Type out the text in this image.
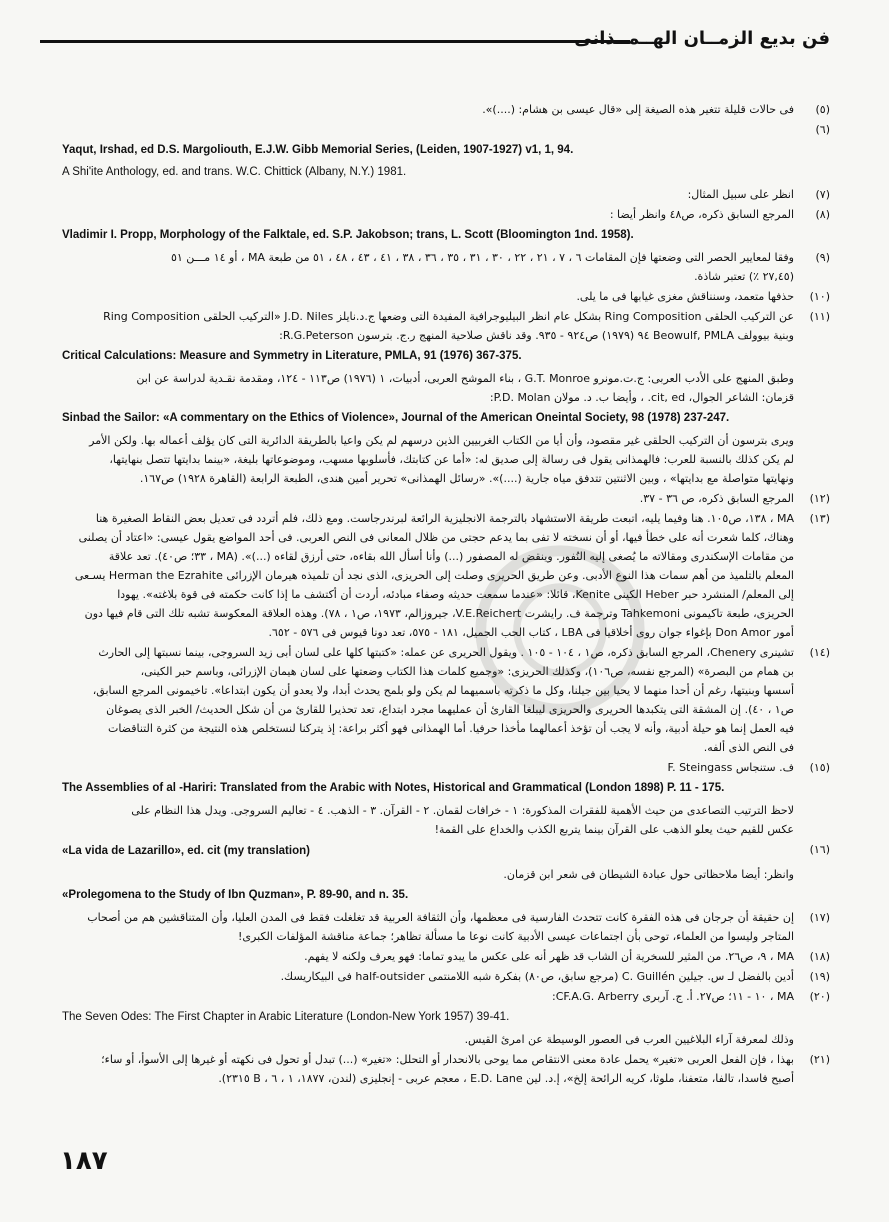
فن بديع الزمــان الهــمــذانى
(٥)
فى حالات قليلة تتغير هذه الصيغة إلى «قال عيسى بن هشام: (....)».
(٦)
Yaqut, Irshad, ed D.S. Margoliouth, E.J.W. Gibb Memorial Series, (Leiden, 1907-1927) v1, 1, 94.
A Shi'ite Anthology, ed. and trans. W.C. Chittick (Albany, N.Y.) 1981.
(٧)
انظر على سبيل المثال:
(٨)
المرجع السابق ذكره، ص٤٨ وانظر أيضا :
Vladimir I. Propp, Morphology of the Falktale, ed. S.P. Jakobson; trans, L. Scott (Bloomington 1nd. 1958).
(٩)
وفقا لمعايير الحصر التى وضعتها فإن المقامات ٦ ، ٧ ، ٢١ ، ٢٢ ، ٣٠ ، ٣١ ، ٣٥ ، ٣٦ ، ٣٨ ، ٤١ ، ٤٣ ، ٤٨ ، ٥١ من طبعة MA ، أو ١٤ مـــن ٥١
(٢٧,٤٥ ٪) تعتبر شاذة.
(١٠)
حذفها متعمد، وسنناقش مغزى غيابها فى ما يلى.
(١١)
عن التركيب الحلقى Ring Composition بشكل عام انظر البيليوجرافية المفيدة التى وضعها ج.د.نايلز J.D. Niles «التركيب الحلقى Ring Composition
وبنية بيوولف Beowulf, PMLA ٩٤ (١٩٧٩) ص٩٢٤ - ٩٣٥. وقد ناقش صلاحية المنهج ر.ج. بترسون R.G.Peterson:
Critical Calculations: Measure and Symmetry in Literature, PMLA, 91 (1976) 367-375.
وطبق المنهج على الأدب العربى: ج.ت.مونرو G.T. Monroe ، بناء الموشح العربى، أدبيات، ١ (١٩٧٦) ص١١٣ - ١٢٤، ومقدمة نقـدية لدراسة عن ابن
قزمان: الشاعر الجوال، cit, ed. ، وأيضا ب. د. مولان P.D. Molan:
Sinbad the Sailor: «A commentary on the Ethics of Violence», Journal of the American Oneintal Society, 98 (1978) 237-247.
ويرى بترسون أن التركيب الحلقى غير مقصود، وأن أيا من الكتاب الغربيين الذين درسهم لم يكن واعيا بالطريقة الدائرية التى كان يؤلف أعماله بها. ولكن الأمر
لم يكن كذلك بالنسبة للعرب: فالهمذانى يقول فى رسالة إلى صديق له: «أما عن كتابتك، فأسلوبها مسهب، وموضوعاتها بليغة، «بينما بدايتها تتصل بنهايتها،
ونهايتها متواصلة مع بدايتها» ، وبين الاثنتين تتدفق مياه جارية (....)». «رسائل الهمذانى» تحرير أمين هندى، الطبعة الرابعة (القاهرة ١٩٢٨) ص١٦٧.
(١٢)
المرجع السابق ذكره، ص ٣٦ - ٣٧.
(١٣)
MA ، ١٣٨، ص١٠٥. هنا وفيما يليه، اتبعت طريقة الاستشهاد بالترجمة الانجليزية الرائعة لبرندرجاست. ومع ذلك، فلم أتردد فى تعديل بعض النقاط الصغيرة هنا
وهناك، كلما شعرت أنه على خطأ فيها، أو أن نسخته لا تفى بما يدعم حجتى من ظلال المعانى فى النص العربى. فى أحد المواضع يقول عيسى: «اعتاد أن يصلنى
من مقامات الإسكندرى ومقالاته ما يُصغى إليه النُفور. وينقض له المصفور (...) وأنا أسأل الله بقاءه، حتى أرزق لقاءه (...)». (MA ، ٣٣؛ ص٤٠). تعد علاقة
المعلم بالتلميذ من أهم سمات هذا النوع الأدبى. وعن طريق الحريرى وصلت إلى الحريزى، الذى نجد أن تلميذه هيرمان الإزرائى Herman the Ezrahite يسـعى
إلى المعلم/ المنشرد حبر Heber الكينى Kenite، قائلا: «عندما سمعت حديثه وصفاء مبادئه، أردت أن أكتشف ما إذا كانت حكمته فى قوة بلاغته». يهودا
الحريزى، طبعة تاكيمونى Tahkemoni وترجمة ف. رايشرت V.E.Reichert، جيروزالم، ١٩٧٣، ص١ ، ٧٨). وهذه العلاقة المعكوسة تشبه تلك التى قام فيها دون
أمور Don Amor بإغواء جوان روى أخلاقيا فى LBA ، كتاب الحب الجميل، ١٨١ - ٥٧٥، تعد دونا قيوس فى ٥٧٦ - ٦٥٢.
(١٤)
تشينرى Chenery، المرجع السابق ذكره، ص١ ، ١٠٤ - ١٠٥ . ويقول الحريرى عن عمله: «كتبتها كلها على لسان أبى زيد السروجى، بينما نسبتها إلى الحارث
بن همام من البصرة» (المرجع نفسه، ص١٠٦)، وكذلك الحريزى: «وجميع كلمات هذا الكتاب وضعتها على لسان هيمان الإزرائى، وباسم حبر الكينى،
أسسها وبنيتها، رغم أن أحدا منهما لا يحيا بين جيلنا، وكل ما ذكرته باسميهما لم يكن ولو بلمح يحدث أبدا، ولا يعدو أن يكون ابتداعا». تاخيمونى المرجع السابق،
ص١ ، ٤٠). إن المشقة التى يتكبدها الحريرى والحريزى ليبلغا القارئ أن عمليهما مجرد ابتداع، تعد تحذيرا للقارئ من أن شكل الحديث/ الخبر الذى يصوغان
فيه العمل إنما هو حيلة أدبية، وأنه لا يجب أن تؤخذ أعمالهما مأخذا حرفيا. أما الهمذانى فهو أكثر براعة: إذ يتركنا لنستخلص هذه النتيجة من كثرة التناقضات
فى النص الذى ألفه.
(١٥)
ف. ستنجاس F. Steingass
The Assemblies of al -Hariri: Translated from the Arabic with Notes, Historical and Grammatical (London 1898) P. 11 - 175.
لاحظ الترتيب التصاعدى من حيث الأهمية للفقرات المذكورة: ١ - خرافات لقمان. ٢ - القرآن. ٣ - الذهب. ٤ - تعاليم السروجى. ويدل هذا النظام على
عكس للقيم حيث يعلو الذهب على القرآن بينما يتربع الكذب والخداع على القمة!
(١٦)
«La vida de Lazarillo», ed. cit (my translation)
وانظر: أيضا ملاحظاتى حول عبادة الشيطان فى شعر ابن قزمان.
«Prolegomena to the Study of Ibn Quzman», P. 89-90, and n. 35.
(١٧)
إن حقيقة أن جرجان فى هذه الفقرة كانت تتحدث الفارسية فى معظمها، وأن الثقافة العربية قد تغلغلت فقط فى المدن العليا، وأن المتناقشين هم من أصحاب
المتاجر وليسوا من العلماء، توحى بأن اجتماعات عيسى الأدبية كانت نوعا ما مسألة تظاهر؛ جماعة مناقشة المؤلفات الكبرى!
(١٨)
MA ، ٩، ص٢٦. من المثير للسخرية أن الشاب قد ظهر أنه على عكس ما يبدو تماما: فهو يعرف ولكنه لا يفهم.
(١٩)
أدين بالفضل لـ س. جيلين C. Guillén (مرجع سابق، ص٨٠) بفكرة شبه اللامنتمى half-outsider فى البيكاريسك.
(٢٠)
MA ، ١٠ - ١١؛ ص٢٧. أ. ج. آربرى CF.A.G. Arberry:
The Seven Odes: The First Chapter in Arabic Literature (London-New York 1957) 39-41.
وذلك لمعرفة آراء البلاغيين العرب فى العصور الوسيطة عن امرئ القيس.
(٢١)
بهذا ، فإن الفعل العربى «تغير» يحمل عادة معنى الانتقاص مما يوحى بالانحدار أو التحلل: «تغير» (...) تبدل أو تحول فى نكهته أو غيرها إلى الأسوأ، أو ساء؛
أصبح فاسدا، تالفا، متعفنا، ملوثا، كريه الرائحة إلخ»، إ.د. لين E.D. Lane ، معجم عربى - إنجليزى (لندن، ١٨٧٧، ١ ، ٦ ، B ٢٣١٥).
١٨٧
